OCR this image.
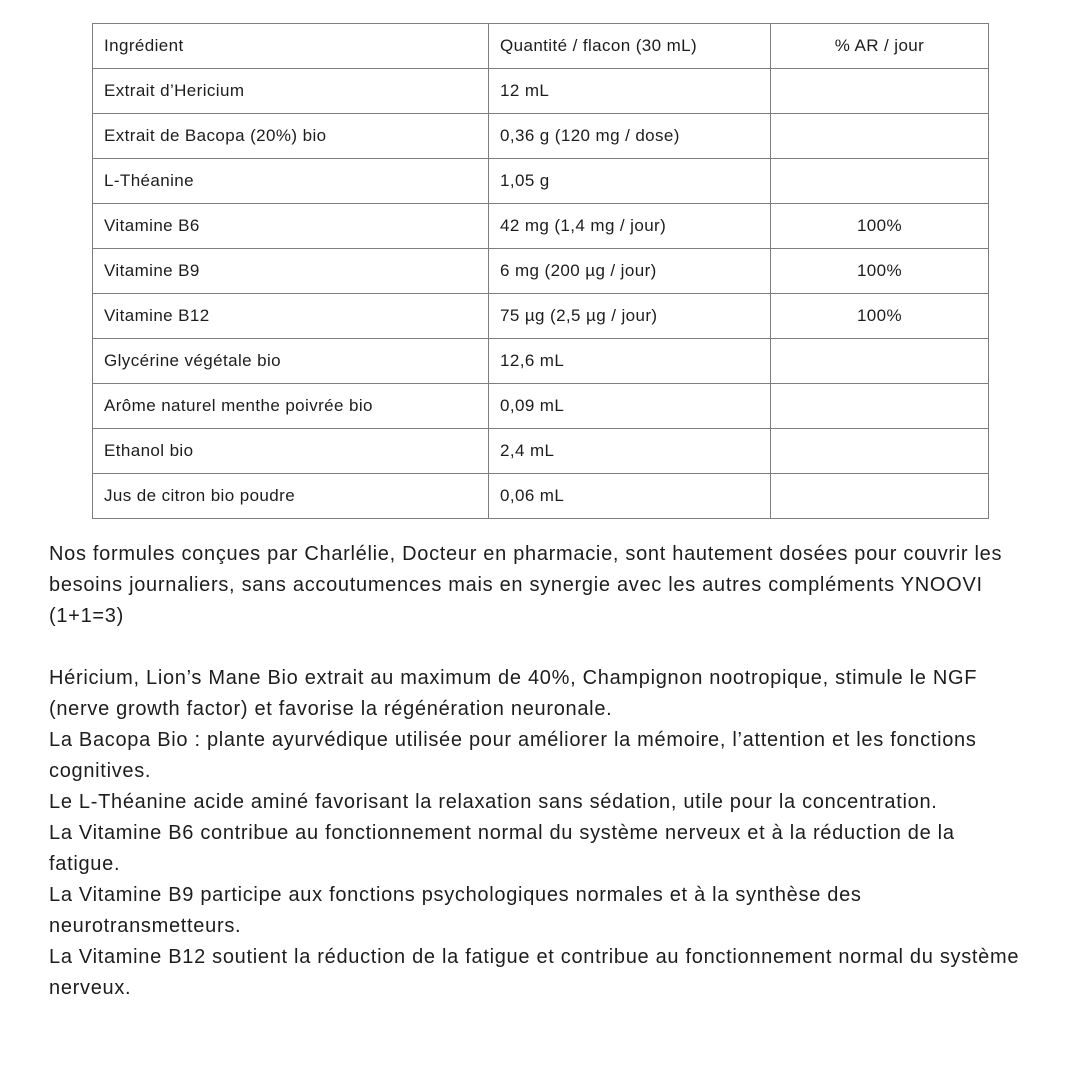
Ingrédient	Quantité / flacon (30 mL)	% AR / jour
Extrait d’Hericium	12 mL	
Extrait de Bacopa (20%) bio	0,36 g (120 mg / dose)	
L-Théanine	1,05 g	
Vitamine B6	42 mg (1,4 mg / jour)	100%
Vitamine B9	6 mg (200 µg / jour)	100%
Vitamine B12	75 µg (2,5 µg / jour)	100%
Glycérine végétale bio	12,6 mL	
Arôme naturel menthe poivrée bio	0,09 mL	
Ethanol bio	2,4 mL	
Jus de citron bio poudre	0,06 mL	

Nos formules conçues par Charlélie, Docteur en pharmacie, sont hautement dosées pour couvrir les besoins journaliers, sans accoutumences mais en synergie avec les autres compléments YNOOVI (1+1=3)

Héricium, Lion’s Mane Bio extrait au maximum de 40%, Champignon nootropique, stimule le NGF (nerve growth factor) et favorise la régénération neuronale.

La Bacopa Bio : plante ayurvédique utilisée pour améliorer la mémoire, l’attention et les fonctions cognitives.

Le L-Théanine acide aminé favorisant la relaxation sans sédation, utile pour la concentration.

La Vitamine B6 contribue au fonctionnement normal du système nerveux et à la réduction de la fatigue.

La Vitamine B9 participe aux fonctions psychologiques normales et à la synthèse des neurotransmetteurs.

La Vitamine B12 soutient la réduction de la fatigue et contribue au fonctionnement normal du système nerveux.
